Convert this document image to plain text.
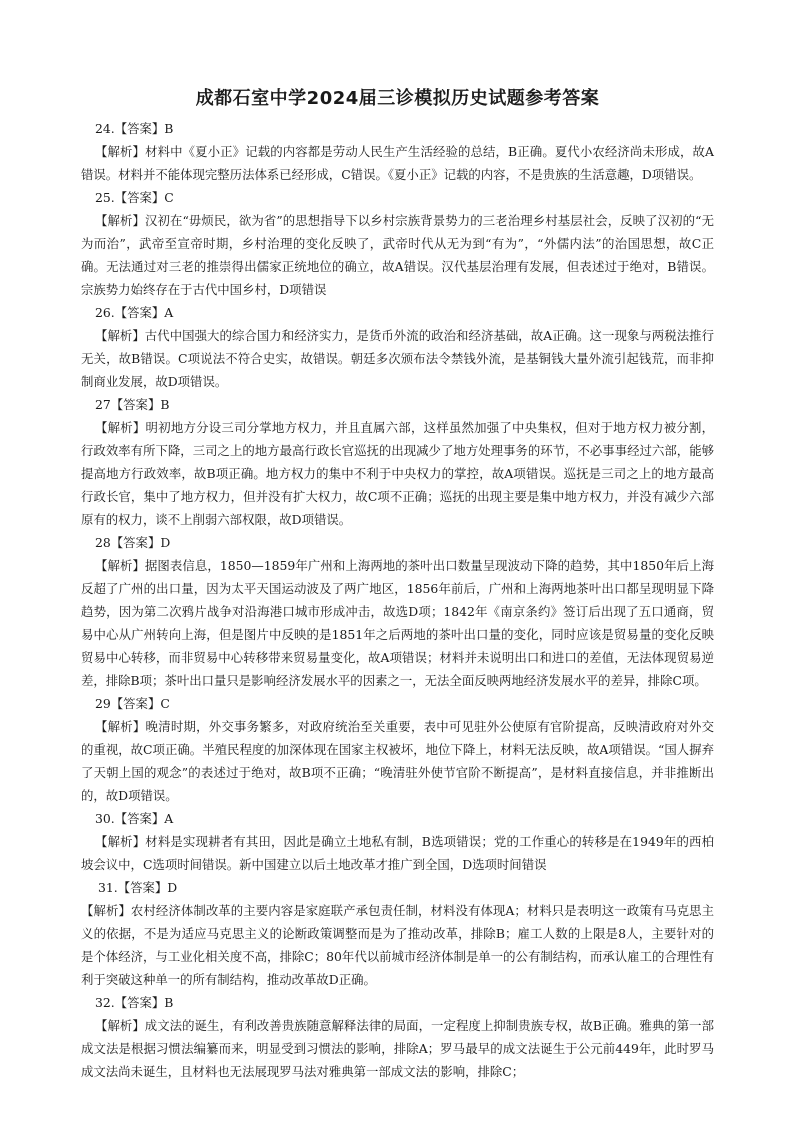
成都石室中学2024届三诊模拟历史试题参考答案

24.【答案】B

【解析】材料中《夏小正》记载的内容都是劳动人民生产生活经验的总结，B正确。夏代小农经济尚未形成，故A错误。材料并不能体现完整历法体系已经形成，C错误。《夏小正》记载的内容，不是贵族的生活意趣，D项错误。

25.【答案】C

【解析】汉初在“毋烦民，欲为省”的思想指导下以乡村宗族背景势力的三老治理乡村基层社会，反映了汉初的“无为而治”，武帝至宣帝时期，乡村治理的变化反映了，武帝时代从无为到“有为”，“外儒内法”的治国思想，故C正确。无法通过对三老的推崇得出儒家正统地位的确立，故A错误。汉代基层治理有发展，但表述过于绝对，B错误。宗族势力始终存在于古代中国乡村，D项错误

26.【答案】A

【解析】古代中国强大的综合国力和经济实力，是货币外流的政治和经济基础，故A正确。这一现象与两税法推行无关，故B错误。C项说法不符合史实，故错误。朝廷多次颁布法令禁钱外流，是基铜钱大量外流引起钱荒，而非抑制商业发展，故D项错误。

27【答案】B

【解析】明初地方分设三司分掌地方权力，并且直属六部，这样虽然加强了中央集权，但对于地方权力被分割，行政效率有所下降，三司之上的地方最高行政长官巡抚的出现减少了地方处理事务的环节，不必事事经过六部，能够提高地方行政效率，故B项正确。地方权力的集中不利于中央权力的掌控，故A项错误。巡抚是三司之上的地方最高行政长官，集中了地方权力，但并没有扩大权力，故C项不正确；巡抚的出现主要是集中地方权力，并没有减少六部原有的权力，谈不上削弱六部权限，故D项错误。

28【答案】D

【解析】据图表信息，1850—1859年广州和上海两地的茶叶出口数量呈现波动下降的趋势，其中1850年后上海反超了广州的出口量，因为太平天国运动波及了两广地区，1856年前后，广州和上海两地茶叶出口都呈现明显下降趋势，因为第二次鸦片战争对沿海港口城市形成冲击，故选D项；1842年《南京条约》签订后出现了五口通商，贸易中心从广州转向上海，但是图片中反映的是1851年之后两地的茶叶出口量的变化，同时应该是贸易量的变化反映贸易中心转移，而非贸易中心转移带来贸易量变化，故A项错误；材料并未说明出口和进口的差值，无法体现贸易逆差，排除B项；茶叶出口量只是影响经济发展水平的因素之一，无法全面反映两地经济发展水平的差异，排除C项。

29【答案】C

【解析】晚清时期，外交事务繁多，对政府统治至关重要，表中可见驻外公使原有官阶提高，反映清政府对外交的重视，故C项正确。半殖民程度的加深体现在国家主权被坏，地位下降上，材料无法反映，故A项错误。“国人摒弃了天朝上国的观念”的表述过于绝对，故B项不正确；“晚清驻外使节官阶不断提高”，是材料直接信息，并非推断出的，故D项错误。

30.【答案】A

【解析】材料是实现耕者有其田，因此是确立土地私有制，B选项错误；党的工作重心的转移是在1949年的西柏坡会议中，C选项时间错误。新中国建立以后土地改革才推广到全国，D选项时间错误

31.【答案】D

【解析】农村经济体制改革的主要内容是家庭联产承包责任制，材料没有体现A；材料只是表明这一政策有马克思主义的依据，不是为适应马克思主义的论断政策调整而是为了推动改革，排除B；雇工人数的上限是8人，主要针对的是个体经济，与工业化相关度不高，排除C；80年代以前城市经济体制是单一的公有制结构，而承认雇工的合理性有利于突破这种单一的所有制结构，推动改革故D正确。

32.【答案】B

【解析】成文法的诞生，有利改善贵族随意解释法律的局面，一定程度上抑制贵族专权，故B正确。雅典的第一部成文法是根据习惯法编纂而来，明显受到习惯法的影响，排除A；罗马最早的成文法诞生于公元前449年，此时罗马成文法尚未诞生，且材料也无法展现罗马法对雅典第一部成文法的影响，排除C；
